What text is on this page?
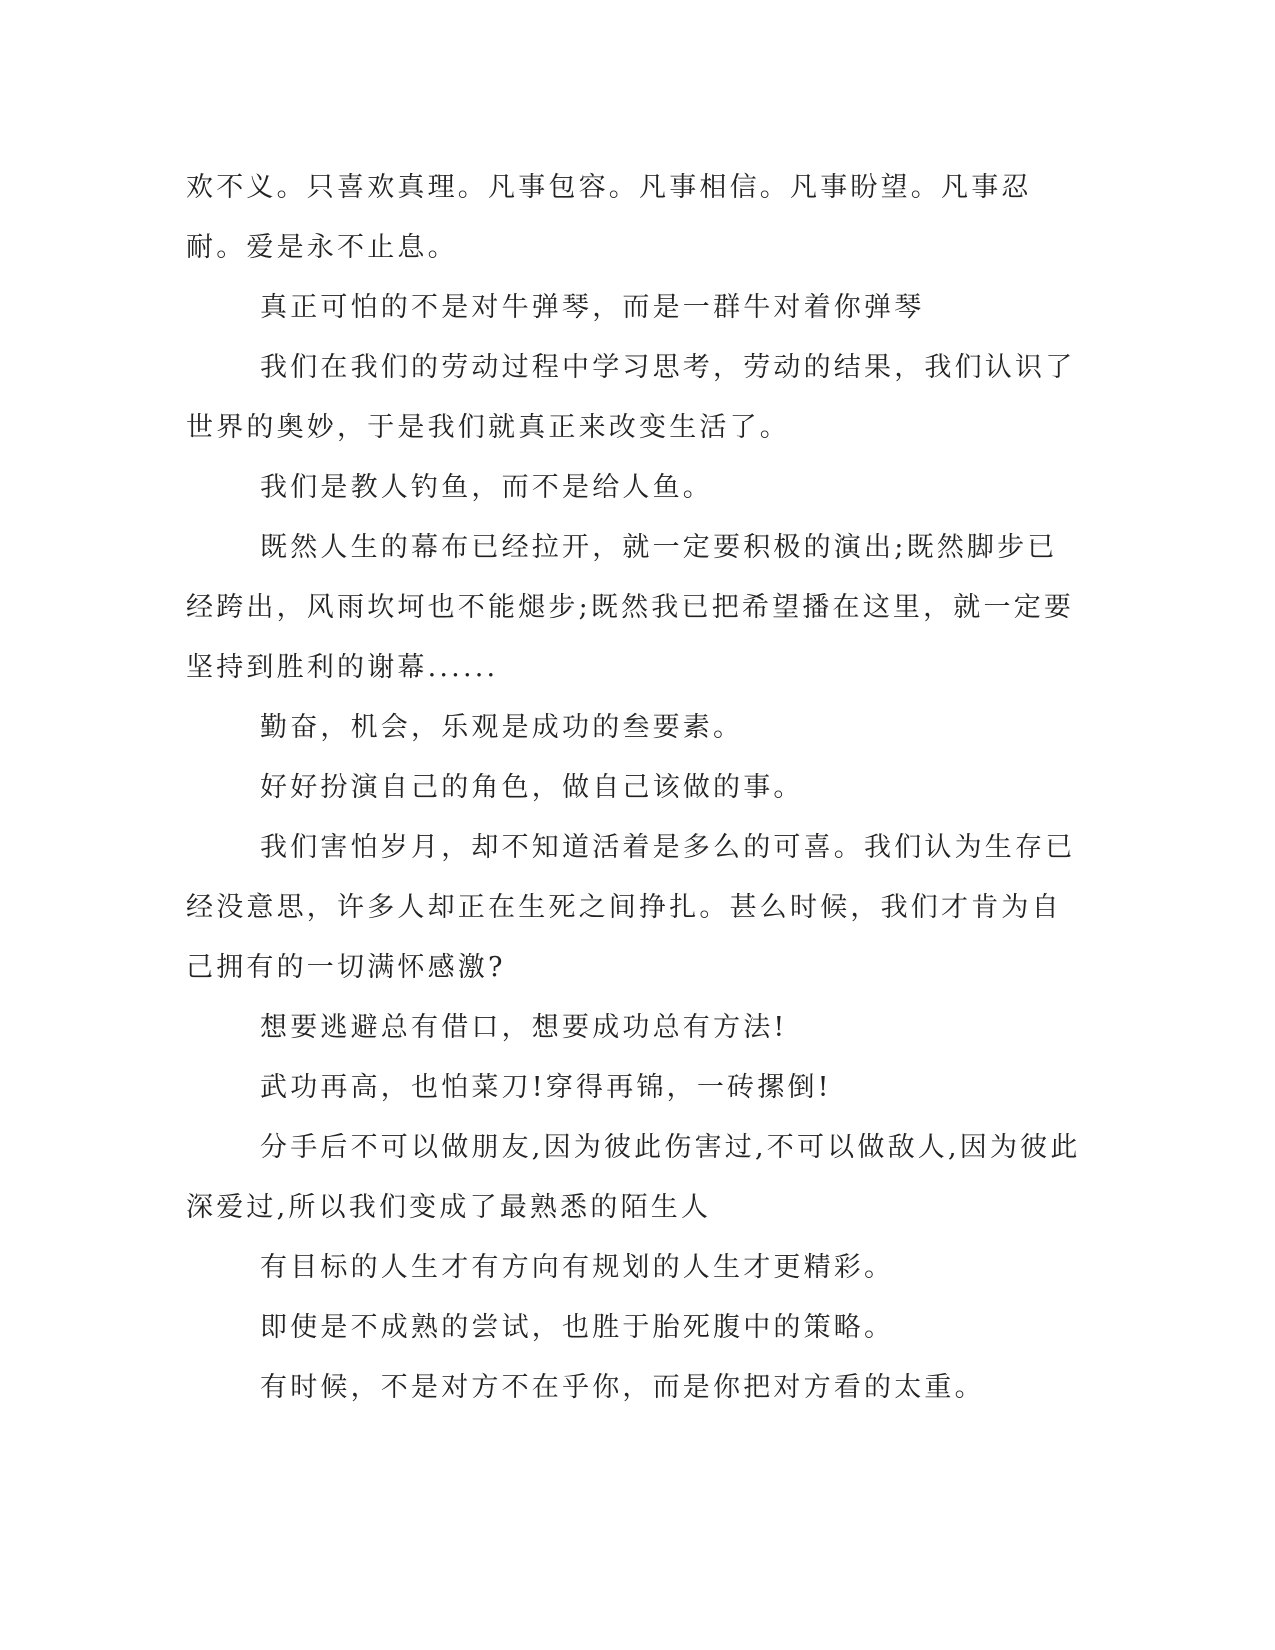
欢不义。只喜欢真理。凡事包容。凡事相信。凡事盼望。凡事忍耐。爱是永不止息。

真正可怕的不是对牛弹琴，而是一群牛对着你弹琴

我们在我们的劳动过程中学习思考，劳动的结果，我们认识了世界的奥妙，于是我们就真正来改变生活了。

我们是教人钓鱼，而不是给人鱼。

既然人生的幕布已经拉开，就一定要积极的演出;既然脚步已经跨出，风雨坎坷也不能煺步;既然我已把希望播在这里，就一定要坚持到胜利的谢幕......

勤奋，机会，乐观是成功的叁要素。

好好扮演自己的角色，做自己该做的事。

我们害怕岁月，却不知道活着是多么的可喜。我们认为生存已经没意思，许多人却正在生死之间挣扎。甚么时候，我们才肯为自己拥有的一切满怀感激?

想要逃避总有借口，想要成功总有方法!

武功再高，也怕菜刀!穿得再锦，一砖摞倒!

分手后不可以做朋友,因为彼此伤害过,不可以做敌人,因为彼此深爱过,所以我们变成了最熟悉的陌生人

有目标的人生才有方向有规划的人生才更精彩。

即使是不成熟的尝试，也胜于胎死腹中的策略。

有时候，不是对方不在乎你，而是你把对方看的太重。
